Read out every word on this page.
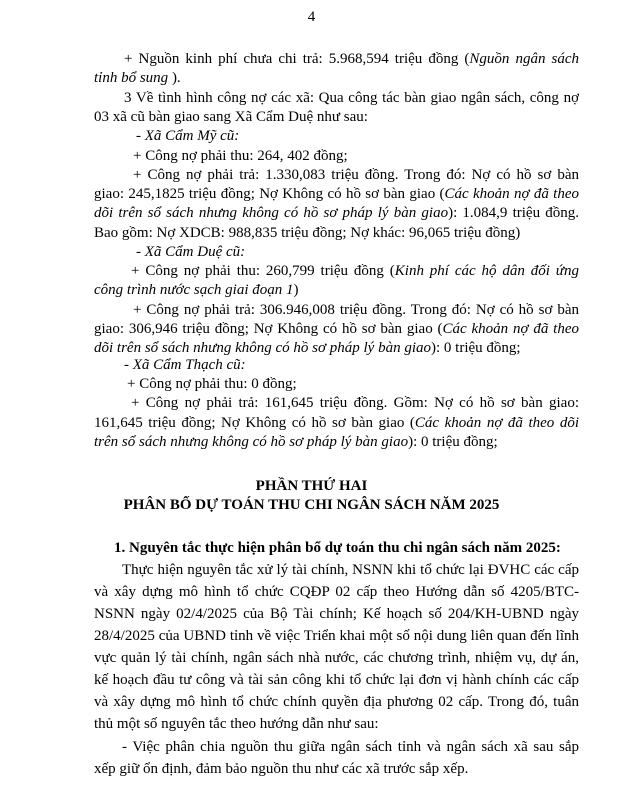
4
+ Nguồn kinh phí chưa chi trả: 5.968,594 triệu đồng (Nguồn ngân sách
tỉnh bổ sung ).
3 Về tình hình công nợ các xã: Qua công tác bàn giao ngân sách, công nợ
03 xã cũ bàn giao sang Xã Cẩm Duệ như sau:
- Xã Cẩm Mỹ cũ:
+ Công nợ phải thu: 264, 402 đồng;
+ Công nợ phải trả: 1.330,083 triệu đồng. Trong đó: Nợ có hồ sơ bàn
giao: 245,1825 triệu đồng; Nợ Không có hồ sơ bàn giao (Các khoản nợ đã theo
dõi trên sổ sách nhưng không có hồ sơ pháp lý bàn giao): 1.084,9 triệu đồng.
Bao gồm: Nợ XDCB: 988,835 triệu đồng; Nợ khác: 96,065 triệu đồng)
- Xã Cẩm Duệ cũ:
+ Công nợ phải thu: 260,799 triệu đồng (Kinh phí các hộ dân đối ứng
công trình nước sạch giai đoạn 1)
+ Công nợ phải trả: 306.946,008 triệu đồng. Trong đó: Nợ có hồ sơ bàn
giao: 306,946 triệu đồng; Nợ Không có hồ sơ bàn giao (Các khoản nợ đã theo
dõi trên sổ sách nhưng không có hồ sơ pháp lý bàn giao): 0 triệu đồng;
- Xã Cẩm Thạch cũ:
+ Công nợ phải thu: 0 đồng;
+ Công nợ phải trả: 161,645 triệu đồng. Gồm: Nợ có hồ sơ bàn giao:
161,645 triệu đồng; Nợ Không có hồ sơ bàn giao (Các khoản nợ đã theo dõi
trên sổ sách nhưng không có hồ sơ pháp lý bàn giao): 0 triệu đồng;
PHẦN THỨ HAI
PHÂN BỔ DỰ TOÁN THU CHI NGÂN SÁCH NĂM 2025
1. Nguyên tắc thực hiện phân bổ dự toán thu chi ngân sách năm 2025:
Thực hiện nguyên tắc xử lý tài chính, NSNN khi tổ chức lại ĐVHC các cấp
và xây dựng mô hình tổ chức CQĐP 02 cấp theo Hướng dẫn số 4205/BTC-
NSNN ngày 02/4/2025 của Bộ Tài chính; Kế hoạch số 204/KH-UBND ngày
28/4/2025 của UBND tỉnh về việc Triển khai một số nội dung liên quan đến lĩnh
vực quản lý tài chính, ngân sách nhà nước, các chương trình, nhiệm vụ, dự án,
kế hoạch đầu tư công và tài sản công khi tổ chức lại đơn vị hành chính các cấp
và xây dựng mô hình tổ chức chính quyền địa phương 02 cấp. Trong đó, tuân
thủ một số nguyên tắc theo hướng dẫn như sau:
- Việc phân chia nguồn thu giữa ngân sách tỉnh và ngân sách xã sau sắp
xếp giữ ổn định, đảm bảo nguồn thu như các xã trước sắp xếp.
